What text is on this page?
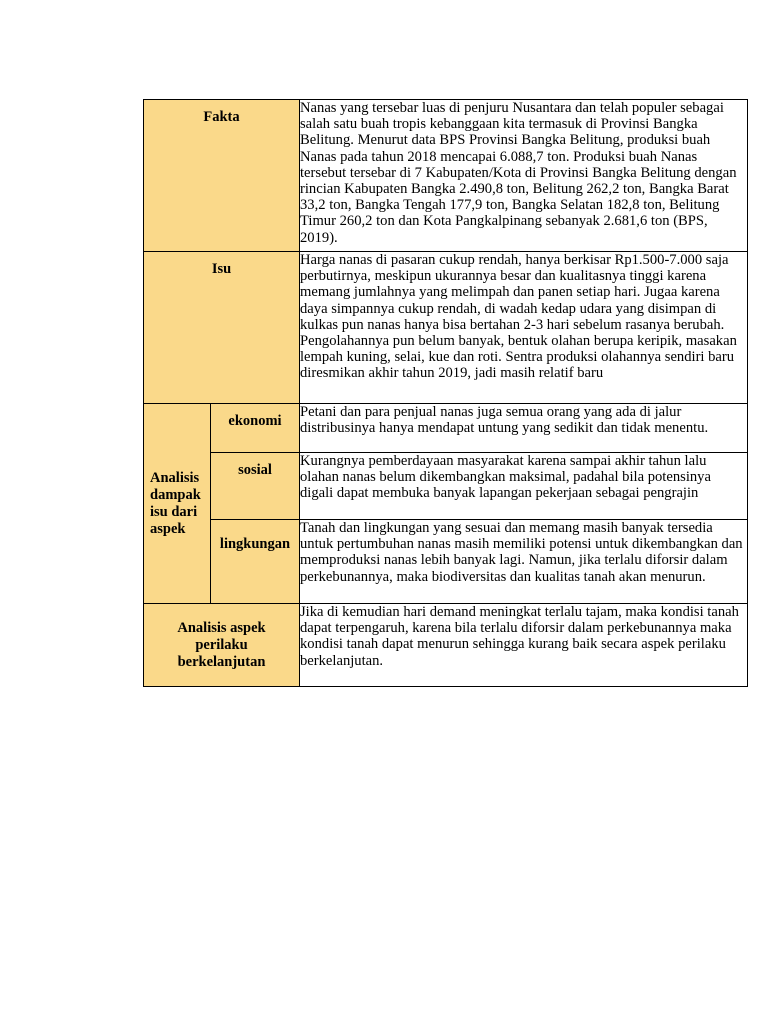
Fakta		Nanas yang tersebar luas di penjuru Nusantara dan telah populer sebagai salah satu buah tropis kebanggaan kita termasuk di Provinsi Bangka Belitung. Menurut data BPS Provinsi Bangka Belitung, produksi buah Nanas pada tahun 2018 mencapai 6.088,7 ton. Produksi buah Nanas tersebut tersebar di 7 Kabupaten/Kota di Provinsi Bangka Belitung dengan rincian Kabupaten Bangka 2.490,8 ton, Belitung 262,2 ton, Bangka Barat 33,2 ton, Bangka Tengah 177,9 ton, Bangka Selatan 182,8 ton, Belitung Timur 260,2 ton dan Kota Pangkalpinang sebanyak 2.681,6 ton (BPS, 2019).
Isu		Harga nanas di pasaran cukup rendah, hanya berkisar Rp1.500-7.000 saja perbutirnya, meskipun ukurannya besar dan kualitasnya tinggi karena memang jumlahnya yang melimpah dan panen setiap hari. Jugaa karena daya simpannya cukup rendah, di wadah kedap udara yang disimpan di kulkas pun nanas hanya bisa bertahan 2-3 hari sebelum rasanya berubah. Pengolahannya pun belum banyak, bentuk olahan berupa keripik, masakan lempah kuning, selai, kue dan roti. Sentra produksi olahannya sendiri baru diresmikan akhir tahun 2019, jadi masih relatif baru
Analisis dampak isu dari aspek	ekonomi	Petani dan para penjual nanas juga semua orang yang ada di jalur distribusinya hanya mendapat untung yang sedikit dan tidak menentu.
	sosial	Kurangnya pemberdayaan masyarakat karena sampai akhir tahun lalu olahan nanas belum dikembangkan maksimal, padahal bila potensinya digali dapat membuka banyak lapangan pekerjaan sebagai pengrajin
	lingkungan	Tanah dan lingkungan yang sesuai dan memang masih banyak tersedia untuk pertumbuhan nanas masih memiliki potensi untuk dikembangkan dan memproduksi nanas lebih banyak lagi. Namun, jika terlalu diforsir dalam perkebunannya, maka biodiversitas dan kualitas tanah akan menurun.
Analisis aspek perilaku berkelanjutan		Jika di kemudian hari demand meningkat terlalu tajam, maka kondisi tanah dapat terpengaruh, karena bila terlalu diforsir dalam perkebunannya maka kondisi tanah dapat menurun sehingga kurang baik secara aspek perilaku berkelanjutan.
